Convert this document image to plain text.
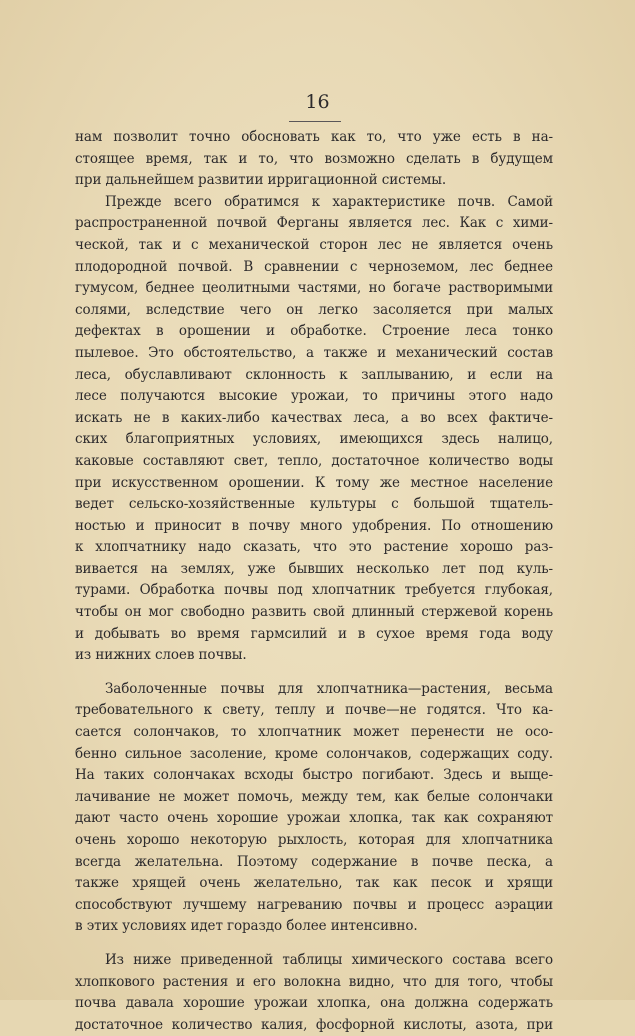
16
нам позволит точно обосновать как то, что уже есть в на-
стоящее время, так и то, что возможно сделать в будущем
при дальнейшем развитии ирригационной системы.
Прежде всего обратимся к характеристике почв. Самой
распространенной почвой Ферганы является лес. Как с хими-
ческой, так и с механической сторон лес не является очень
плодородной почвой. В сравнении с черноземом, лес беднее
гумусом, беднее цеолитными частями, но богаче растворимыми
солями, вследствие чего он легко засоляется при малых
дефектах в орошении и обработке. Строение леса тонко
пылевое. Это обстоятельство, а также и механический состав
леса, обуславливают склонность к заплыванию, и если на
лесе получаются высокие урожаи, то причины этого надо
искать не в каких-либо качествах леса, а во всех фактиче-
ских благоприятных условиях, имеющихся здесь налицо,
каковые составляют свет, тепло, достаточное количество воды
при искусственном орошении. К тому же местное население
ведет сельско-хозяйственные культуры с большой тщатель-
ностью и приносит в почву много удобрения. По отношению
к хлопчатнику надо сказать, что это растение хорошо раз-
вивается на землях, уже бывших несколько лет под куль-
турами. Обработка почвы под хлопчатник требуется глубокая,
чтобы он мог свободно развить свой длинный стержевой корень
и добывать во время гармсилий и в сухое время года воду
из нижних слоев почвы.
Заболоченные почвы для хлопчатника—растения, весьма
требовательного к свету, теплу и почве—не годятся. Что ка-
сается солончаков, то хлопчатник может перенести не осо-
бенно сильное засоление, кроме солончаков, содержащих соду.
На таких солончаках всходы быстро погибают. Здесь и выще-
лачивание не может помочь, между тем, как белые солончаки
дают часто очень хорошие урожаи хлопка, так как сохраняют
очень хорошо некоторую рыхлость, которая для хлопчатника
всегда желательна. Поэтому содержание в почве песка, а
также хрящей очень желательно, так как песок и хрящи
способствуют лучшему нагреванию почвы и процесс аэрации
в этих условиях идет гораздо более интенсивно.
Из ниже приведенной таблицы химического состава всего
хлопкового растения и его волокна видно, что для того, чтобы
почва давала хорошие урожаи хлопка, она должна содержать
достаточное количество калия, фосфорной кислоты, азота, при
